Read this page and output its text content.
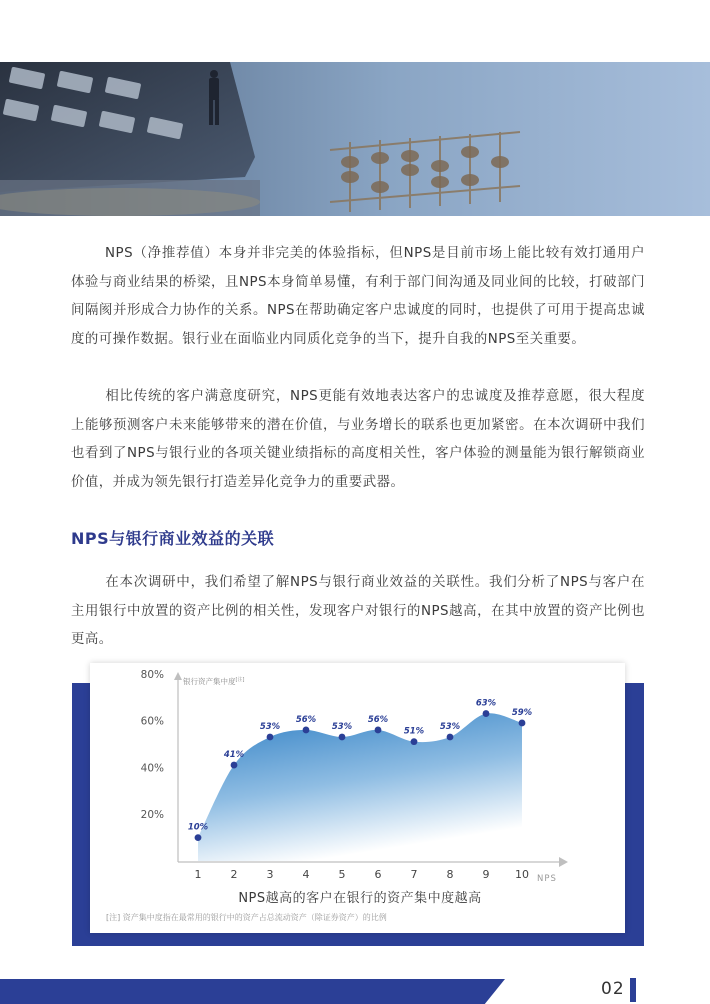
NPS（净推荐值）本身并非完美的体验指标，但NPS是目前市场上能比较有效打通用户体验与商业结果的桥梁，且NPS本身简单易懂，有利于部门间沟通及同业间的比较，打破部门间隔阂并形成合力协作的关系。NPS在帮助确定客户忠诚度的同时，也提供了可用于提高忠诚度的可操作数据。银行业在面临业内同质化竞争的当下，提升自我的NPS至关重要。

相比传统的客户满意度研究，NPS更能有效地表达客户的忠诚度及推荐意愿，很大程度上能够预测客户未来能够带来的潜在价值，与业务增长的联系也更加紧密。在本次调研中我们也看到了NPS与银行业的各项关键业绩指标的高度相关性，客户体验的测量能为银行解锁商业价值，并成为领先银行打造差异化竞争力的重要武器。

NPS与银行商业效益的关联

在本次调研中，我们希望了解NPS与银行商业效益的关联性。我们分析了NPS与客户在主用银行中放置的资产比例的相关性，发现客户对银行的NPS越高，在其中放置的资产比例也更高。

20%
40%
60%
80%
1	2	3	4	5	6	7	8	9 10
10%
41%
53%
56%
53%
56%
51% 53%
63%
59%
银行资产集中度[注]
NPS
NPS越高的客户在银行的资产集中度越高
[注] 资产集中度指在最常用的银行中的资产占总流动资产（除证券资产）的比例
02
